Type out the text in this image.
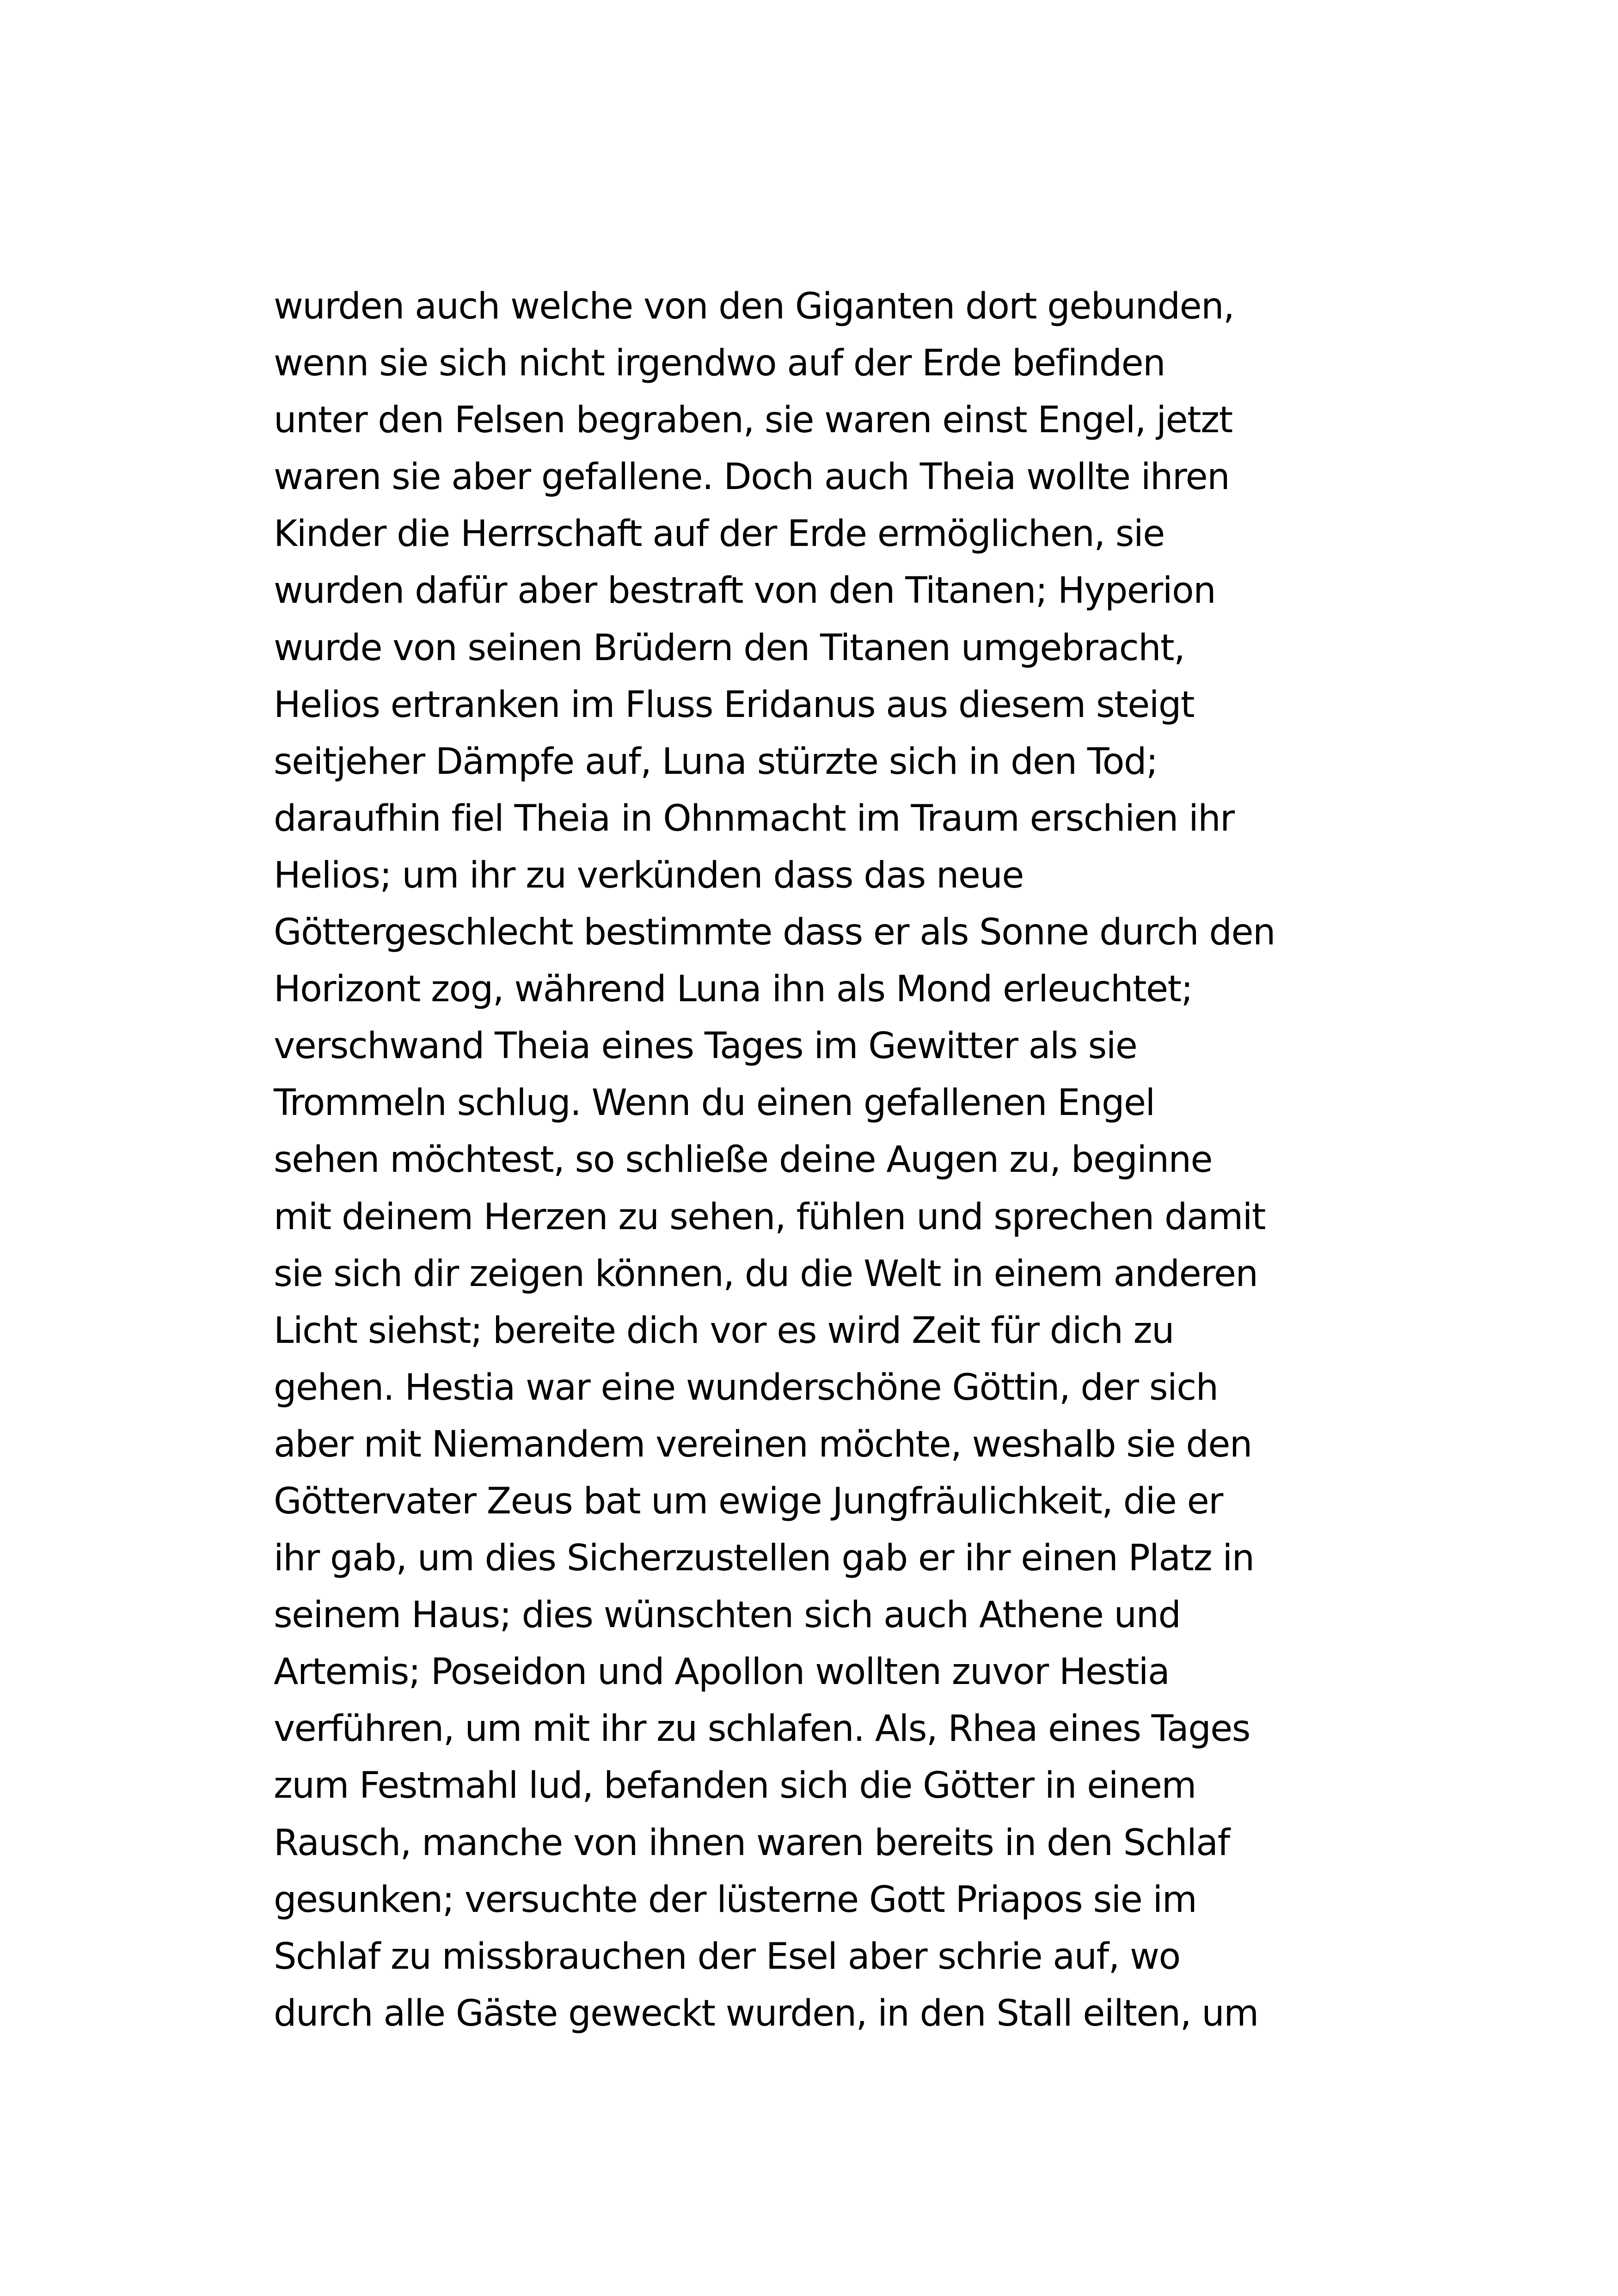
wurden auch welche von den Giganten dort gebunden,
wenn sie sich nicht irgendwo auf der Erde befinden
unter den Felsen begraben, sie waren einst Engel, jetzt
waren sie aber gefallene. Doch auch Theia wollte ihren
Kinder die Herrschaft auf der Erde ermöglichen, sie
wurden dafür aber bestraft von den Titanen; Hyperion
wurde von seinen Brüdern den Titanen umgebracht,
Helios ertranken im Fluss Eridanus aus diesem steigt
seitjeher Dämpfe auf, Luna stürzte sich in den Tod;
daraufhin fiel Theia in Ohnmacht im Traum erschien ihr
Helios; um ihr zu verkünden dass das neue
Göttergeschlecht bestimmte dass er als Sonne durch den
Horizont zog, während Luna ihn als Mond erleuchtet;
verschwand Theia eines Tages im Gewitter als sie
Trommeln schlug. Wenn du einen gefallenen Engel
sehen möchtest, so schließe deine Augen zu, beginne
mit deinem Herzen zu sehen, fühlen und sprechen damit
sie sich dir zeigen können, du die Welt in einem anderen
Licht siehst; bereite dich vor es wird Zeit für dich zu
gehen. Hestia war eine wunderschöne Göttin, der sich
aber mit Niemandem vereinen möchte, weshalb sie den
Göttervater Zeus bat um ewige Jungfräulichkeit, die er
ihr gab, um dies Sicherzustellen gab er ihr einen Platz in
seinem Haus; dies wünschten sich auch Athene und
Artemis; Poseidon und Apollon wollten zuvor Hestia
verführen, um mit ihr zu schlafen. Als, Rhea eines Tages
zum Festmahl lud, befanden sich die Götter in einem
Rausch, manche von ihnen waren bereits in den Schlaf
gesunken; versuchte der lüsterne Gott Priapos sie im
Schlaf zu missbrauchen der Esel aber schrie auf, wo
durch alle Gäste geweckt wurden, in den Stall eilten, um
